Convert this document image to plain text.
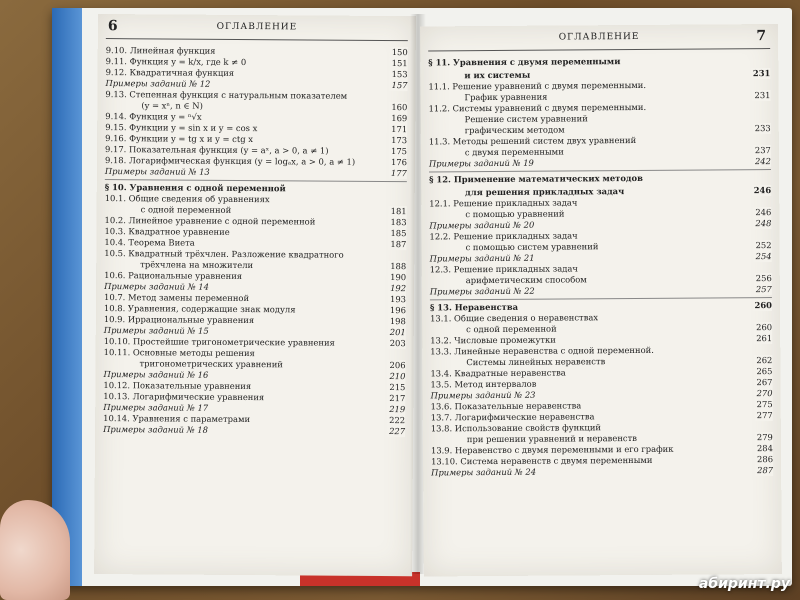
6	ОГЛАВЛЕНИЕ
9.10. Линейная функция	150
9.11. Функция y = k/x, где k ≠ 0	151
9.12. Квадратичная функция	153
Примеры заданий № 12	157
9.13. Степенная функция с натуральным показателем
(y = xⁿ, n ∈ N)	160
9.14. Функция y = ⁿ√x	169
9.15. Функции y = sin x и y = cos x	171
9.16. Функции y = tg x и y = ctg x	173
9.17. Показательная функция (y = aˣ, a > 0, a ≠ 1)	175
9.18. Логарифмическая функция (y = logₐx, a > 0, a ≠ 1)	176
Примеры заданий № 13	177
§ 10. Уравнения с одной переменной
10.1. Общие сведения об уравнениях
с одной переменной	181
10.2. Линейное уравнение с одной переменной	183
10.3. Квадратное уравнение	185
10.4. Теорема Виета	187
10.5. Квадратный трёхчлен. Разложение квадратного
трёхчлена на множители	188
10.6. Рациональные уравнения	190
Примеры заданий № 14	192
10.7. Метод замены переменной	193
10.8. Уравнения, содержащие знак модуля	196
10.9. Иррациональные уравнения	198
Примеры заданий № 15	201
10.10. Простейшие тригонометрические уравнения	203
10.11. Основные методы решения
тригонометрических уравнений	206
Примеры заданий № 16	210
10.12. Показательные уравнения	215
10.13. Логарифмические уравнения	217
Примеры заданий № 17	219
10.14. Уравнения с параметрами	222
Примеры заданий № 18	227
ОГЛАВЛЕНИЕ	7
§ 11. Уравнения с двумя переменными
и их системы	231
11.1. Решение уравнений с двумя переменными.
График уравнения	231
11.2. Системы уравнений с двумя переменными.
Решение систем уравнений
графическим методом	233
11.3. Методы решений систем двух уравнений
с двумя переменными	237
Примеры заданий № 19	242
§ 12. Применение математических методов
для решения прикладных задач	246
12.1. Решение прикладных задач
с помощью уравнений	246
Примеры заданий № 20	248
12.2. Решение прикладных задач
с помощью систем уравнений	252
Примеры заданий № 21	254
12.3. Решение прикладных задач
арифметическим способом	256
Примеры заданий № 22	257
§ 13. Неравенства	260
13.1. Общие сведения о неравенствах
с одной переменной	260
13.2. Числовые промежутки	261
13.3. Линейные неравенства с одной переменной.
Системы линейных неравенств	262
13.4. Квадратные неравенства	265
13.5. Метод интервалов	267
Примеры заданий № 23	270
13.6. Показательные неравенства	275
13.7. Логарифмические неравенства	277
13.8. Использование свойств функций
при решении уравнений и неравенств	279
13.9. Неравенство с двумя переменными и его график	284
13.10. Система неравенств с двумя переменными	286
Примеры заданий № 24	287
абиринт.ру
